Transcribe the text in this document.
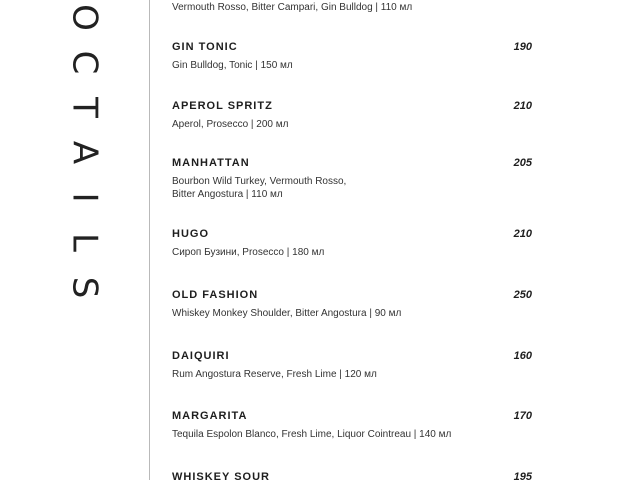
O
C
T
A
I
L
S
Vermouth Rosso, Bitter Campari, Gin Bulldog | 110 мл
GIN TONIC	190
Gin Bulldog, Tonic | 150 мл
APEROL SPRITZ	210
Aperol, Prosecco | 200 мл
MANHATTAN	205
Bourbon Wild Turkey, Vermouth Rosso,
Bitter Angostura | 110 мл
HUGO	210
Сироп Бузини, Prosecco | 180 мл
OLD FASHION	250
Whiskey Monkey Shoulder, Bitter Angostura | 90 мл
DAIQUIRI	160
Rum Angostura Reserve, Fresh Lime | 120 мл
MARGARITA	170
Tequila Espolon Blanco, Fresh Lime, Liquor Cointreau | 140 мл
WHISKEY SOUR	195
